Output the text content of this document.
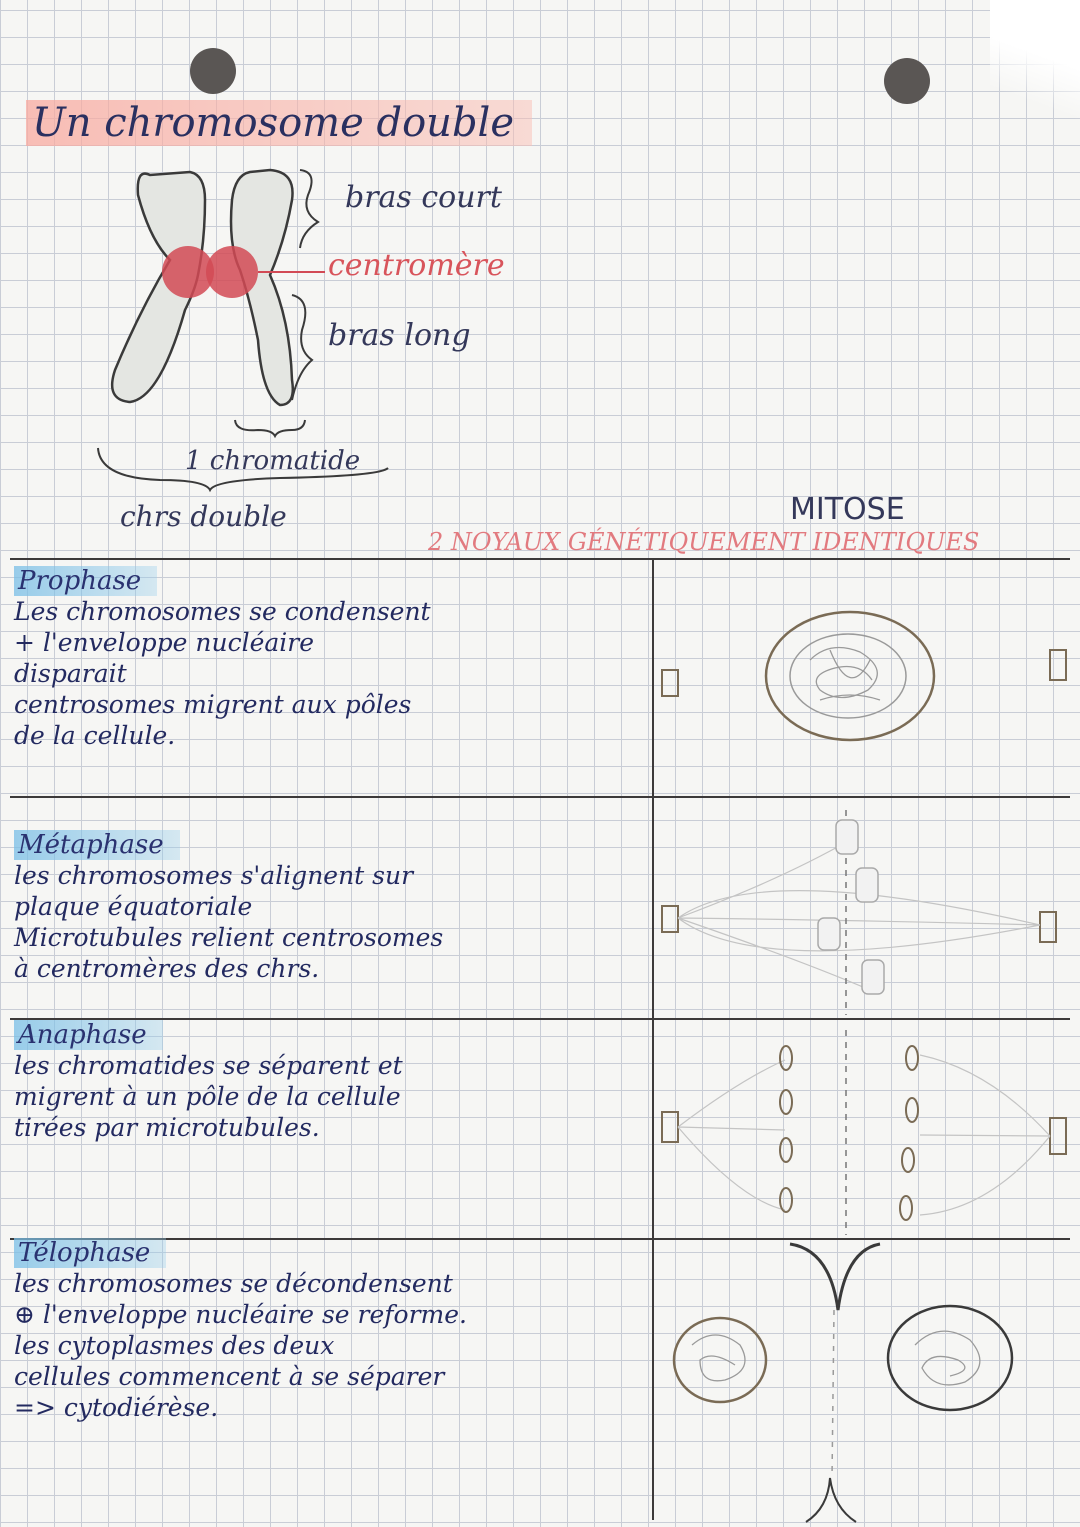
Un chromosome double
bras court
centromère
bras long
1 chromatide
chrs double	MITOSE
2 NOYAUX GÉNÉTIQUEMENT IDENTIQUES
Prophase
Les chromosomes se condensent
+ l'enveloppe nucléaire
disparait
centrosomes migrent aux pôles
de la cellule.
Métaphase
les chromosomes s'alignent sur
plaque équatoriale
Microtubules relient centrosomes
à centromères des chrs.
Anaphase
les chromatides se séparent et
migrent à un pôle de la cellule
tirées par microtubules.
Télophase
les chromosomes se décondensent
⊕ l'enveloppe nucléaire se reforme.
les cytoplasmes des deux
cellules commencent à se séparer
=> cytodiérèse.
